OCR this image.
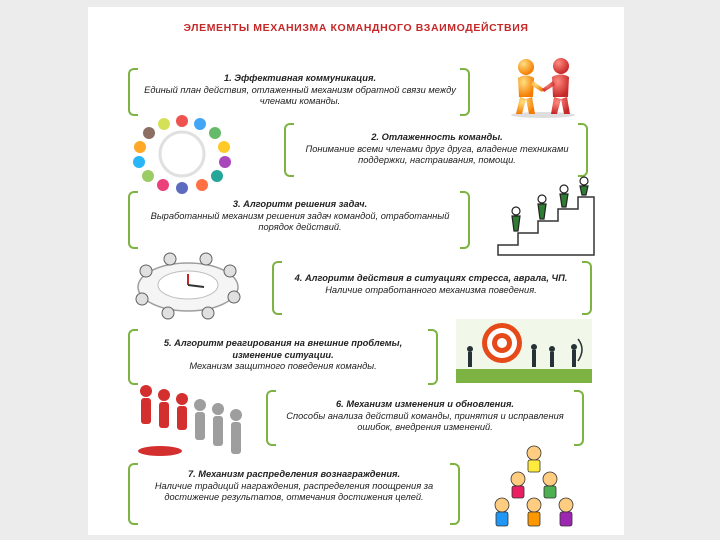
ЭЛЕМЕНТЫ МЕХАНИЗМА КОМАНДНОГО ВЗАИМОДЕЙСТВИЯ
1. Эффективная коммуникация.
Единый план действия, отлаженный механизм обратной связи между членами команды.
2. Отлаженность команды.
Понимание всеми членами друг друга, владение техниками поддержки, настраивания, помощи.
3. Алгоритм решения задач.
Выработанный механизм решения задач командой, отработанный порядок действий.
4. Алгоритм действия в ситуациях стресса, аврала, ЧП.
Наличие отработанного механизма поведения.
5. Алгоритм реагирования на внешние проблемы, изменение ситуации.
Механизм защитного поведения команды.
6. Механизм изменения и обновления.
Способы анализа действий команды, принятия и исправления ошибок, внедрения изменений.
7. Механизм распределения вознаграждения.
Наличие традиций награждения, распределения поощрения за достижение результатов, отмечания достижения целей.
